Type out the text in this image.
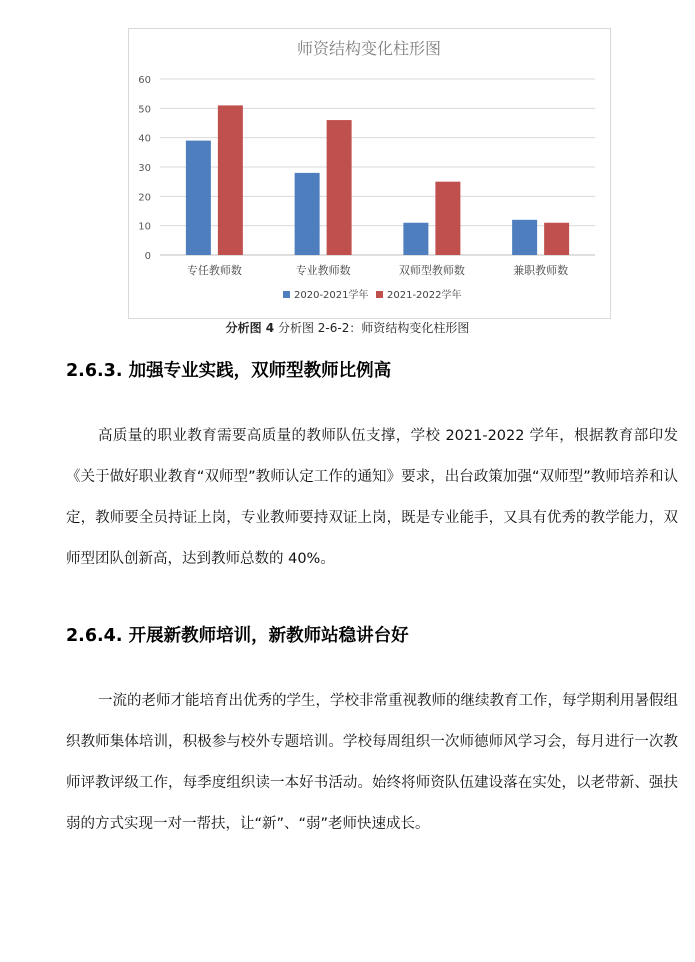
师资结构变化柱形图
0
10
20
30
40
50
60
专任教师数	专业教师数	双师型教师数	兼职教师数
2020-2021学年 2021-2022学年
分析图 4 分析图 2-6-2：师资结构变化柱形图
2.6.3. 加强专业实践，双师型教师比例高

高质量的职业教育需要高质量的教师队伍支撑，学校 2021-2022 学年，根据教育部印发《关于做好职业教育“双师型”教师认定工作的通知》要求，出台政策加强“双师型”教师培养和认定，教师要全员持证上岗，专业教师要持双证上岗，既是专业能手，又具有优秀的教学能力，双师型团队创新高，达到教师总数的 40%。

2.6.4. 开展新教师培训，新教师站稳讲台好

一流的老师才能培育出优秀的学生，学校非常重视教师的继续教育工作，每学期利用暑假组织教师集体培训，积极参与校外专题培训。学校每周组织一次师德师风学习会，每月进行一次教师评教评级工作，每季度组织读一本好书活动。始终将师资队伍建设落在实处，以老带新、强扶弱的方式实现一对一帮扶，让“新”、“弱”老师快速成长。
